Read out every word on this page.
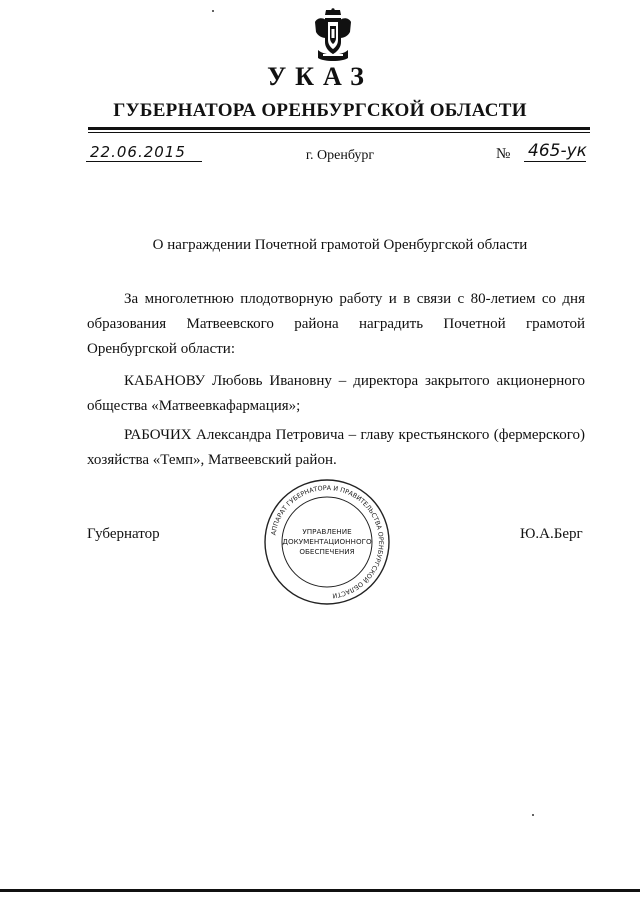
УКАЗ
ГУБЕРНАТОРА ОРЕНБУРГСКОЙ ОБЛАСТИ
22.06.2015	г. Оренбург	№ 465-ук
О награждении Почетной грамотой Оренбургской области

За многолетнюю плодотворную работу и в связи с 80-летием со дня образования Матвеевского района наградить Почетной грамотой Оренбургской области:

КАБАНОВУ Любовь Ивановну – директора закрытого акционерного общества «Матвеевкафармация»;

РАБОЧИХ Александра Петровича – главу крестьянского (фермерского) хозяйства «Темп», Матвеевский район.

Губернатор	Ю.А.Берг
АППАРАТ ГУБЕРНАТОРА И ПРАВИТЕЛЬСТВА ОРЕНБУРГСКОЙ ОБЛАСТИ
УПРАВЛЕНИЕ
ДОКУМЕНТАЦИОННОГО
ОБЕСПЕЧЕНИЯ
